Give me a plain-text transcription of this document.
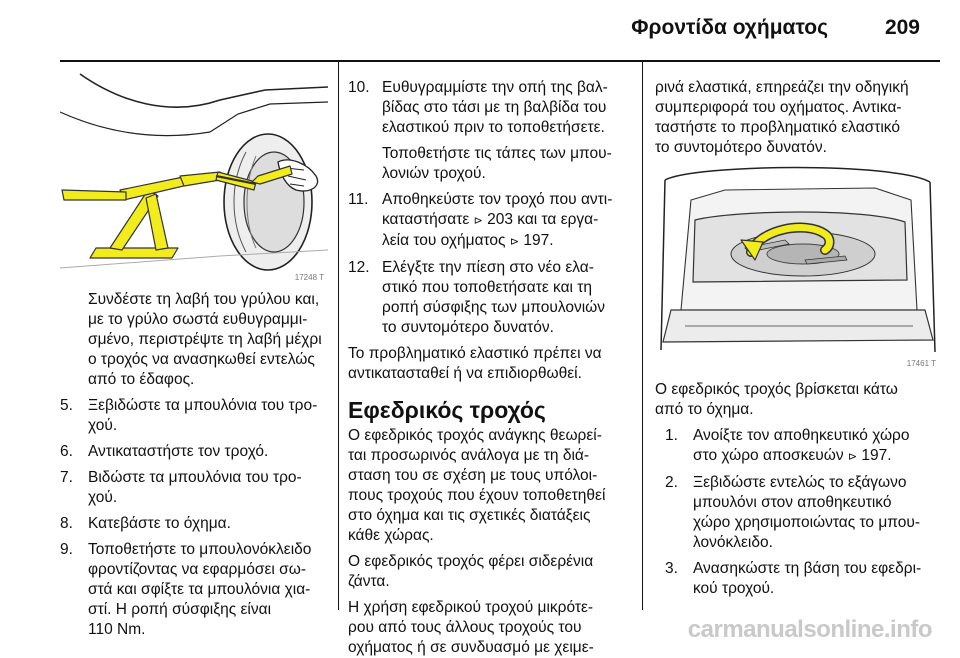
Φροντίδα οχήματος	209
17248 T

Συνδέστε τη λαβή του γρύλου και,

με το γρύλο σωστά ευθυγραμμι-

σμένο, περιστρέψτε τη λαβή μέχρι

ο τροχός να ανασηκωθεί εντελώς

από το έδαφος.

5. Ξεβιδώστε τα μπουλόνια του τρο-

χού.

6. Αντικαταστήστε τον τροχό.

7. Βιδώστε τα μπουλόνια του τρο-

χού.

8. Κατεβάστε το όχημα.

9. Τοποθετήστε το μπουλονόκλειδο

φροντίζοντας να εφαρμόσει σω-

στά και σφίξτε τα μπουλόνια χια-

στί. Η ροπή σύσφιξης είναι

110 Nm.

10. Ευθυγραμμίστε την οπή της βαλ-

βίδας στο τάσι με τη βαλβίδα του

ελαστικού πριν το τοποθετήσετε.

Τοποθετήστε τις τάπες των μπου-

λονιών τροχού.

11. Αποθηκεύστε τον τροχό που αντι-

καταστήσατε ⊳ 203 και τα εργα-

λεία του οχήματος ⊳ 197.

12. Ελέγξτε την πίεση στο νέο ελα-

στικό που τοποθετήσατε και τη

ροπή σύσφιξης των μπουλονιών

το συντομότερο δυνατόν.

Το προβληματικό ελαστικό πρέπει να

αντικατασταθεί ή να επιδιορθωθεί.

Εφεδρικός τροχός

Ο εφεδρικός τροχός ανάγκης θεωρεί-

ται προσωρινός ανάλογα με τη διά-

σταση του σε σχέση με τους υπόλοι-

πους τροχούς που έχουν τοποθετηθεί

στο όχημα και τις σχετικές διατάξεις

κάθε χώρας.

Ο εφεδρικός τροχός φέρει σιδερένια

ζάντα.

Η χρήση εφεδρικού τροχού μικρότε-

ρου από τους άλλους τροχούς του

οχήματος ή σε συνδυασμό με χειμε-

ρινά ελαστικά, επηρεάζει την οδηγική

συμπεριφορά του οχήματος. Αντικα-

ταστήστε το προβληματικό ελαστικό

το συντομότερο δυνατόν.

17461 T

Ο εφεδρικός τροχός βρίσκεται κάτω

από το όχημα.

1. Ανοίξτε τον αποθηκευτικό χώρο

στο χώρο αποσκευών ⊳ 197.

2. Ξεβιδώστε εντελώς το εξάγωνο

μπουλόνι στον αποθηκευτικό

χώρο χρησιμοποιώντας το μπου-

λονόκλειδο.

3. Ανασηκώστε τη βάση του εφεδρι-

κού τροχού.

carmanualsonline.info
